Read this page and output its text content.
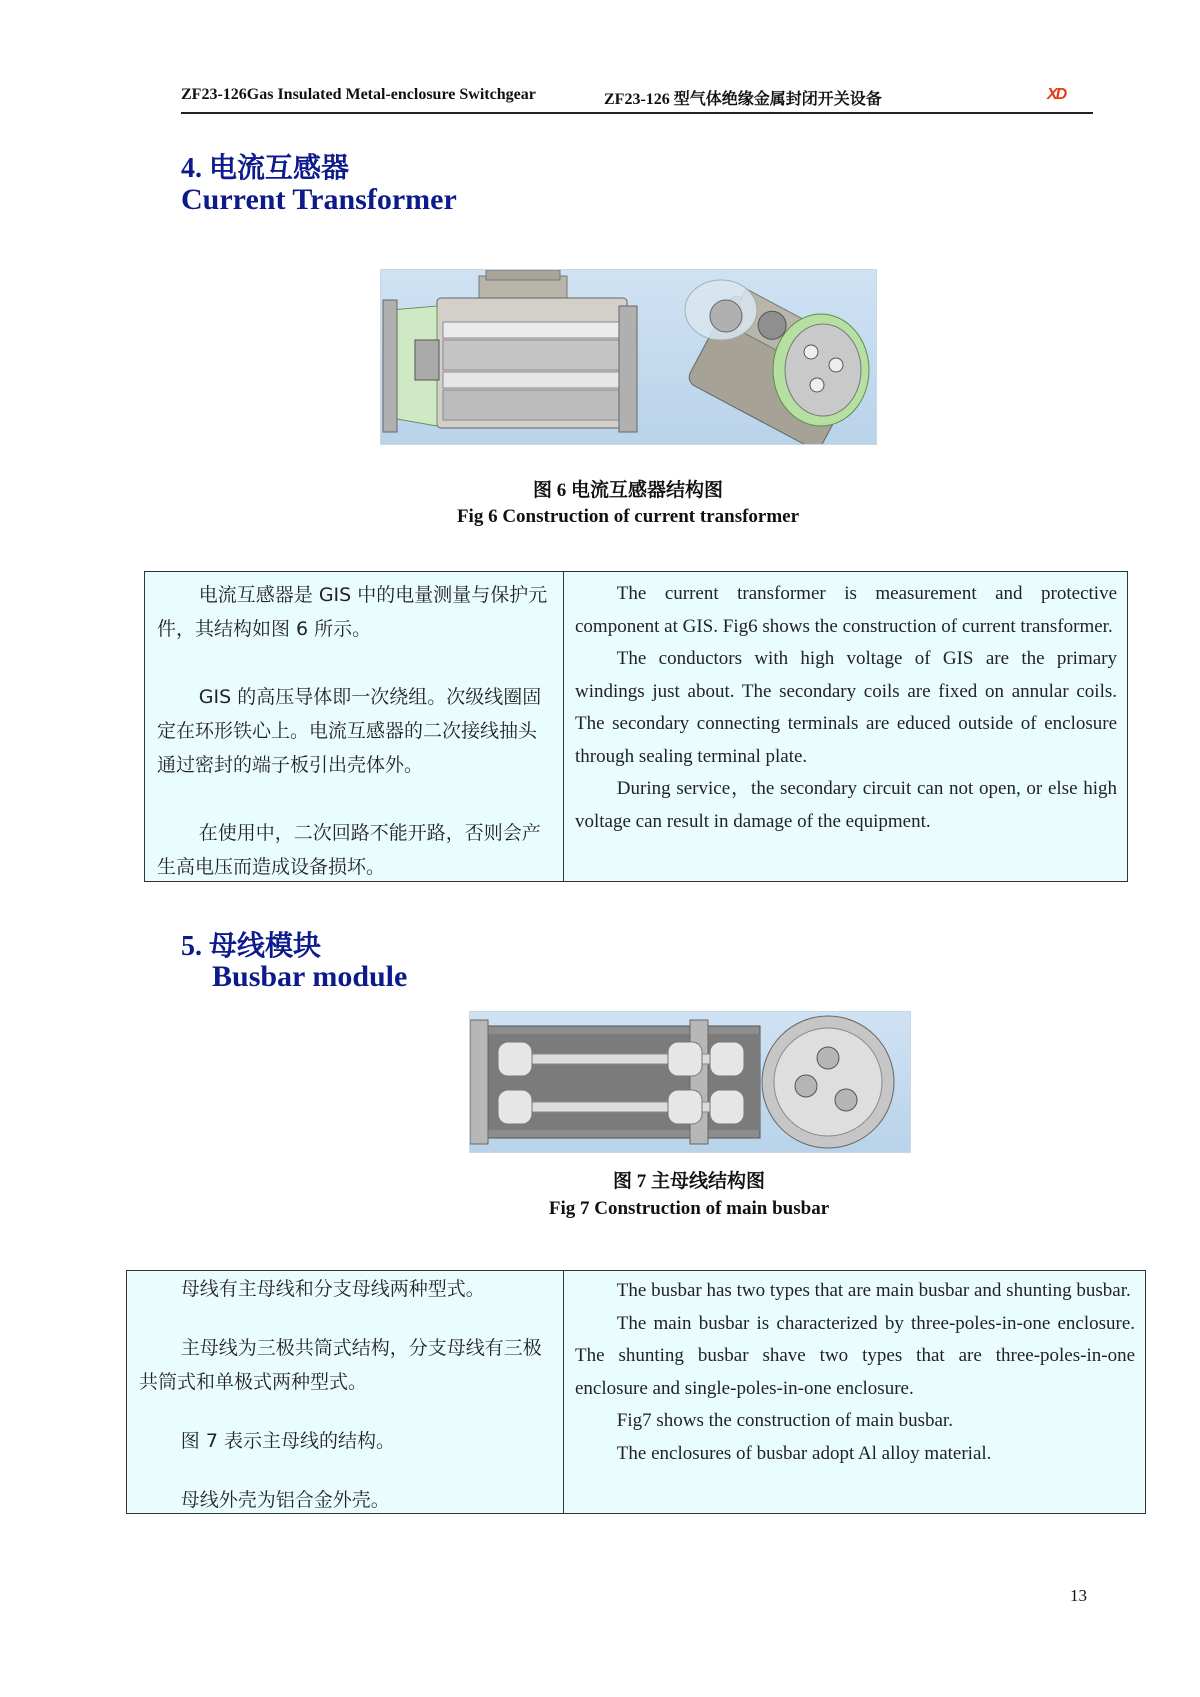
ZF23-126Gas Insulated Metal-enclosure Switchgear	ZF23-126 型气体绝缘金属封闭开关设备	XD
4. 电流互感器
Current Transformer
图 6 电流互感器结构图
Fig 6 Construction of current transformer

电流互感器是 GIS 中的电量测量与保护元件，其结构如图 6 所示。

GIS 的高压导体即一次绕组。次级线圈固定在环形铁心上。电流互感器的二次接线抽头通过密封的端子板引出壳体外。

在使用中，二次回路不能开路，否则会产生高电压而造成设备损坏。

The current transformer is measurement and protective component at GIS. Fig6 shows the construction of current transformer.

The conductors with high voltage of GIS are the primary windings just about. The secondary coils are fixed on annular coils. The secondary connecting terminals are educed outside of enclosure through sealing terminal plate.

During service，the secondary circuit can not open, or else high voltage can result in damage of the equipment.

5. 母线模块
Busbar module
图 7 主母线结构图
Fig 7 Construction of main busbar

母线有主母线和分支母线两种型式。

主母线为三极共筒式结构，分支母线有三极共筒式和单极式两种型式。

图 7 表示主母线的结构。

母线外壳为铝合金外壳。

The busbar has two types that are main busbar and shunting busbar.

The main busbar is characterized by three-poles-in-one enclosure. The shunting busbar shave two types that are three-poles-in-one enclosure and single-poles-in-one enclosure.

Fig7 shows the construction of main busbar.

The enclosures of busbar adopt Al alloy material.

13
